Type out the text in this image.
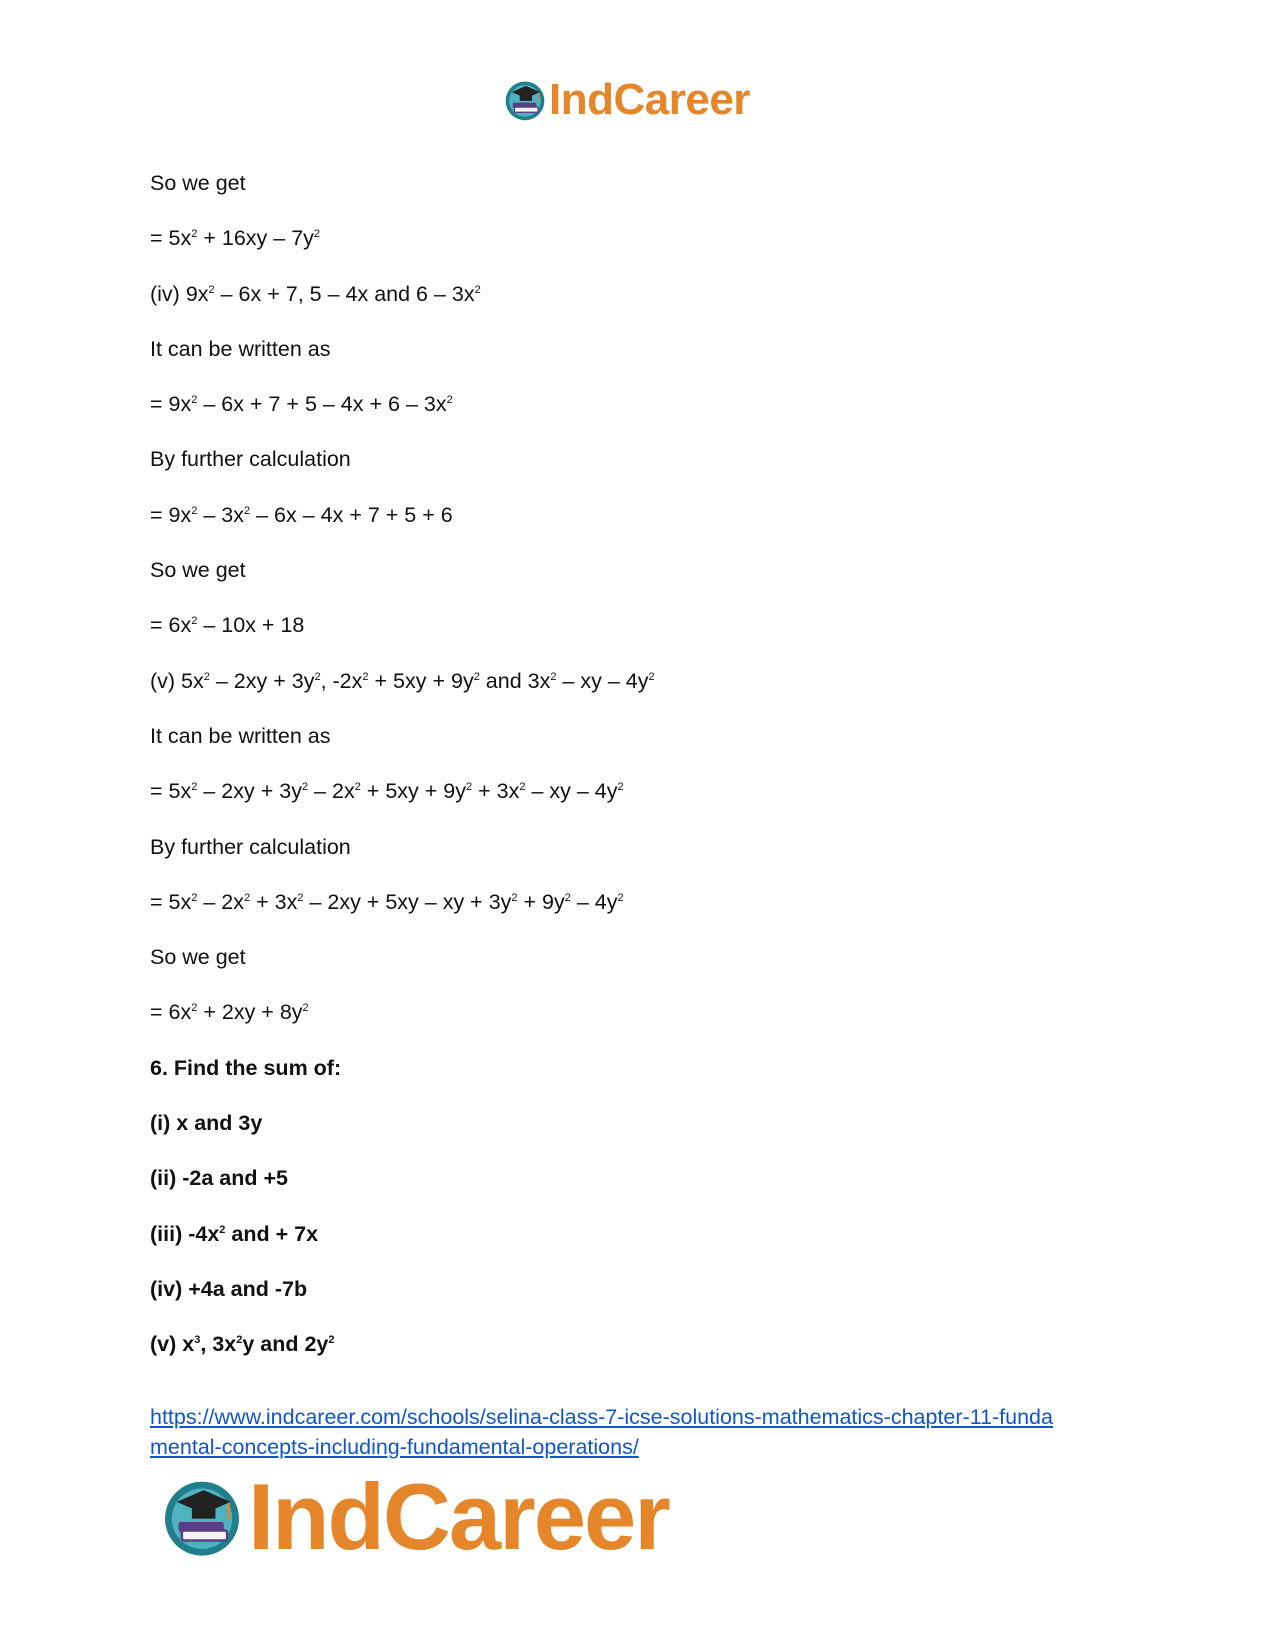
IndCareer
So we get
= $5x^2 + 16xy - 7y^2$
(iv) $9x^2 - 6x + 7$, 5 – 4x and $6 - 3x^2$
It can be written as
= $9x^2 - 6x + 7 + 5 - 4x + 6 - 3x^2$
By further calculation
= $9x^2 - 3x^2 - 6x - 4x + 7 + 5 + 6$
So we get
= $6x^2 - 10x + 18$
(v) $5x^2 - 2xy + 3y^2$, $-2x^2 + 5xy + 9y^2$ and $3x^2$ – xy – $4y^2$
It can be written as
= $5x^2 - 2xy + 3y^2 - 2x^2 + 5xy + 9y^2 + 3x^2$ – xy – $4y^2$
By further calculation
= $5x^2 - 2x^2 + 3x^2 - 2xy + 5xy$ – xy + $3y^2 + 9y^2 - 4y^2$
So we get
= $6x^2 + 2xy + 8y^2$
6. Find the sum of:
(i) x and 3y
(ii) -2a and +5
(iii) $-4x^2$ and + 7x
(iv) +4a and -7b
(v) $x^3$, $3x^2y$ and $2y^2$
https://www.indcareer.com/schools/selina-class-7-icse-solutions-mathematics-chapter-11-funda
mental-concepts-including-fundamental-operations/
IndCareer
